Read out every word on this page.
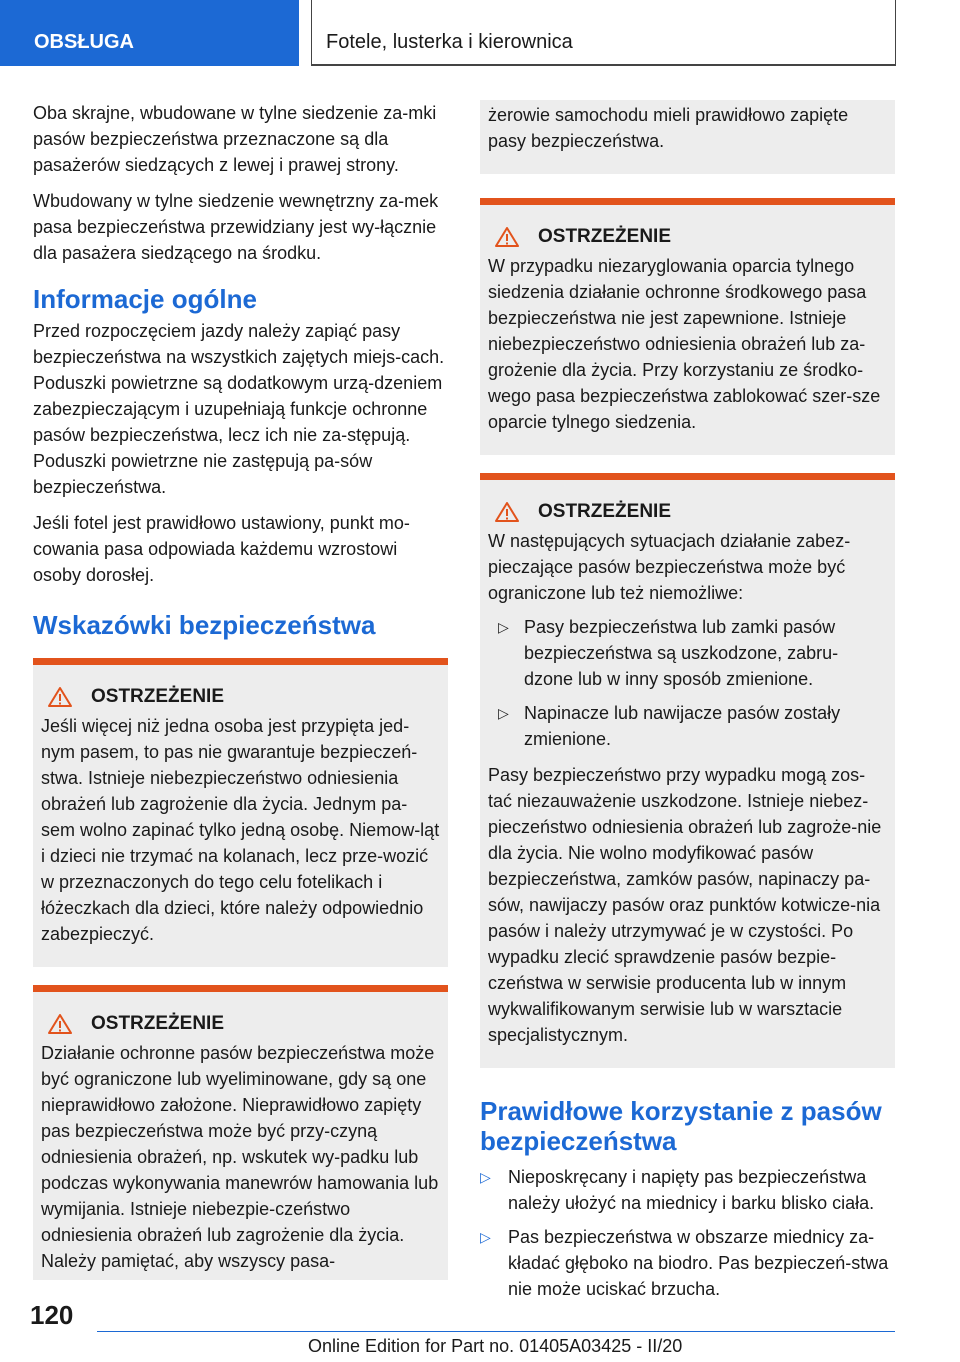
OBSŁUGA	Fotele, lusterka i kierownica

Oba skrajne, wbudowane w tylne siedzenie za-mki pasów bezpieczeństwa przeznaczone są dla pasażerów siedzących z lewej i prawej strony.

Wbudowany w tylne siedzenie wewnętrzny za-mek pasa bezpieczeństwa przewidziany jest wy-łącznie dla pasażera siedzącego na środku.

Informacje ogólne

Przed rozpoczęciem jazdy należy zapiąć pasy bezpieczeństwa na wszystkich zajętych miejs-cach. Poduszki powietrzne są dodatkowym urzą-dzeniem zabezpieczającym i uzupełniają funkcje ochronne pasów bezpieczeństwa, lecz ich nie za-stępują. Poduszki powietrzne nie zastępują pa-sów bezpieczeństwa.

Jeśli fotel jest prawidłowo ustawiony, punkt mo-cowania pasa odpowiada każdemu wzrostowi osoby dorosłej.

Wskazówki bezpieczeństwa
OSTRZEŻENIE

Jeśli więcej niż jedna osoba jest przypięta jed-nym pasem, to pas nie gwarantuje bezpieczeń-stwa. Istnieje niebezpieczeństwo odniesienia obrażeń lub zagrożenie dla życia. Jednym pa-sem wolno zapinać tylko jedną osobę. Niemow-ląt i dzieci nie trzymać na kolanach, lecz prze-wozić w przeznaczonych do tego celu fotelikach i łóżeczkach dla dzieci, które należy odpowiednio zabezpieczyć.

OSTRZEŻENIE

Działanie ochronne pasów bezpieczeństwa może być ograniczone lub wyeliminowane, gdy są one nieprawidłowo założone. Nieprawidłowo zapięty pas bezpieczeństwa może być przy-czyną odniesienia obrażeń, np. wskutek wy-padku lub podczas wykonywania manewrów hamowania lub wymijania. Istnieje niebezpie-czeństwo odniesienia obrażeń lub zagrożenie dla życia. Należy pamiętać, aby wszyscy pasa-

żerowie samochodu mieli prawidłowo zapięte pasy bezpieczeństwa.

OSTRZEŻENIE

W przypadku niezaryglowania oparcia tylnego siedzenia działanie ochronne środkowego pasa bezpieczeństwa nie jest zapewnione. Istnieje niebezpieczeństwo odniesienia obrażeń lub za-grożenie dla życia. Przy korzystaniu ze środko-wego pasa bezpieczeństwa zablokować szer-sze oparcie tylnego siedzenia.

OSTRZEŻENIE

W następujących sytuacjach działanie zabez-pieczające pasów bezpieczeństwa może być ograniczone lub też niemożliwe:

▷ Pasy bezpieczeństwa lub zamki pasów bezpieczeństwa są uszkodzone, zabru-dzone lub w inny sposób zmienione.
▷ Napinacze lub nawijacze pasów zostały zmienione.

Pasy bezpieczeństwo przy wypadku mogą zos-tać niezauważenie uszkodzone. Istnieje niebez-pieczeństwo odniesienia obrażeń lub zagroże-nie dla życia. Nie wolno modyfikować pasów bezpieczeństwa, zamków pasów, napinaczy pa-sów, nawijaczy pasów oraz punktów kotwicze-nia pasów i należy utrzymywać je w czystości. Po wypadku zlecić sprawdzenie pasów bezpie-czeństwa w serwisie producenta lub w innym wykwalifikowanym serwisie lub w warsztacie specjalistycznym.

Prawidłowe korzystanie z pasów bezpieczeństwa
▷ Nieposkręcany i napięty pas bezpieczeństwa należy ułożyć na miednicy i barku blisko ciała.
▷ Pas bezpieczeństwa w obszarze miednicy za-kładać głęboko na biodro. Pas bezpieczeń-stwa nie może uciskać brzucha.
120
Online Edition for Part no. 01405A03425 - II/20
